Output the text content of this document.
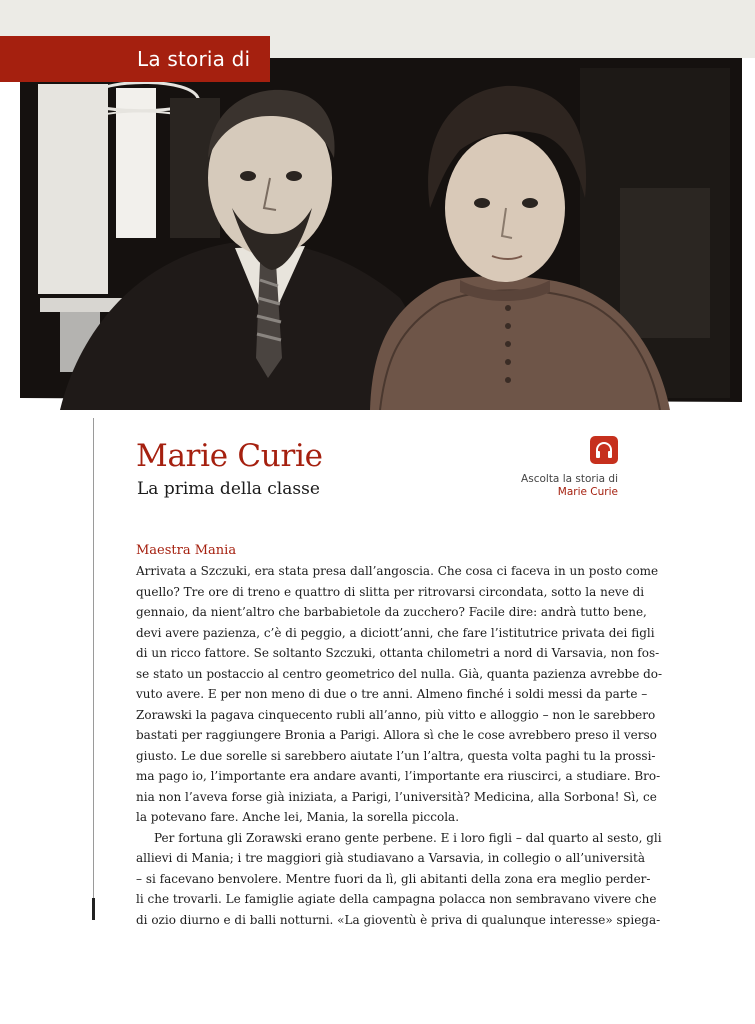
La storia di
Marie Curie
La prima della classe	Ascolta la storia di
Marie Curie
Maestra Mania
Arrivata a Szczuki, era stata presa dall’angoscia. Che cosa ci faceva in un posto come
quello? Tre ore di treno e quattro di slitta per ritrovarsi circondata, sotto la neve di
gennaio, da nient’altro che barbabietole da zucchero? Facile dire: andrà tutto bene,
devi avere pazienza, c’è di peggio, a diciott’anni, che fare l’istitutrice privata dei figli
di un ricco fattore. Se soltanto Szczuki, ottanta chilometri a nord di Varsavia, non fos-
se stato un postaccio al centro geometrico del nulla. Già, quanta pazienza avrebbe do-
vuto avere. E per non meno di due o tre anni. Almeno finché i soldi messi da parte –
Zorawski la pagava cinquecento rubli all’anno, più vitto e alloggio – non le sarebbero
bastati per raggiungere Bronia a Parigi. Allora sì che le cose avrebbero preso il verso
giusto. Le due sorelle si sarebbero aiutate l’un l’altra, questa volta paghi tu la prossi-
ma pago io, l’importante era andare avanti, l’importante era riuscirci, a studiare. Bro-
nia non l’aveva forse già iniziata, a Parigi, l’università? Medicina, alla Sorbona! Sì, ce
la potevano fare. Anche lei, Mania, la sorella piccola.
Per fortuna gli Zorawski erano gente perbene. E i loro figli – dal quarto al sesto, gli
allievi di Mania; i tre maggiori già studiavano a Varsavia, in collegio o all’università
– si facevano benvolere. Mentre fuori da lì, gli abitanti della zona era meglio perder-
li che trovarli. Le famiglie agiate della campagna polacca non sembravano vivere che
di ozio diurno e di balli notturni. «La gioventù è priva di qualunque interesse» spiega-
